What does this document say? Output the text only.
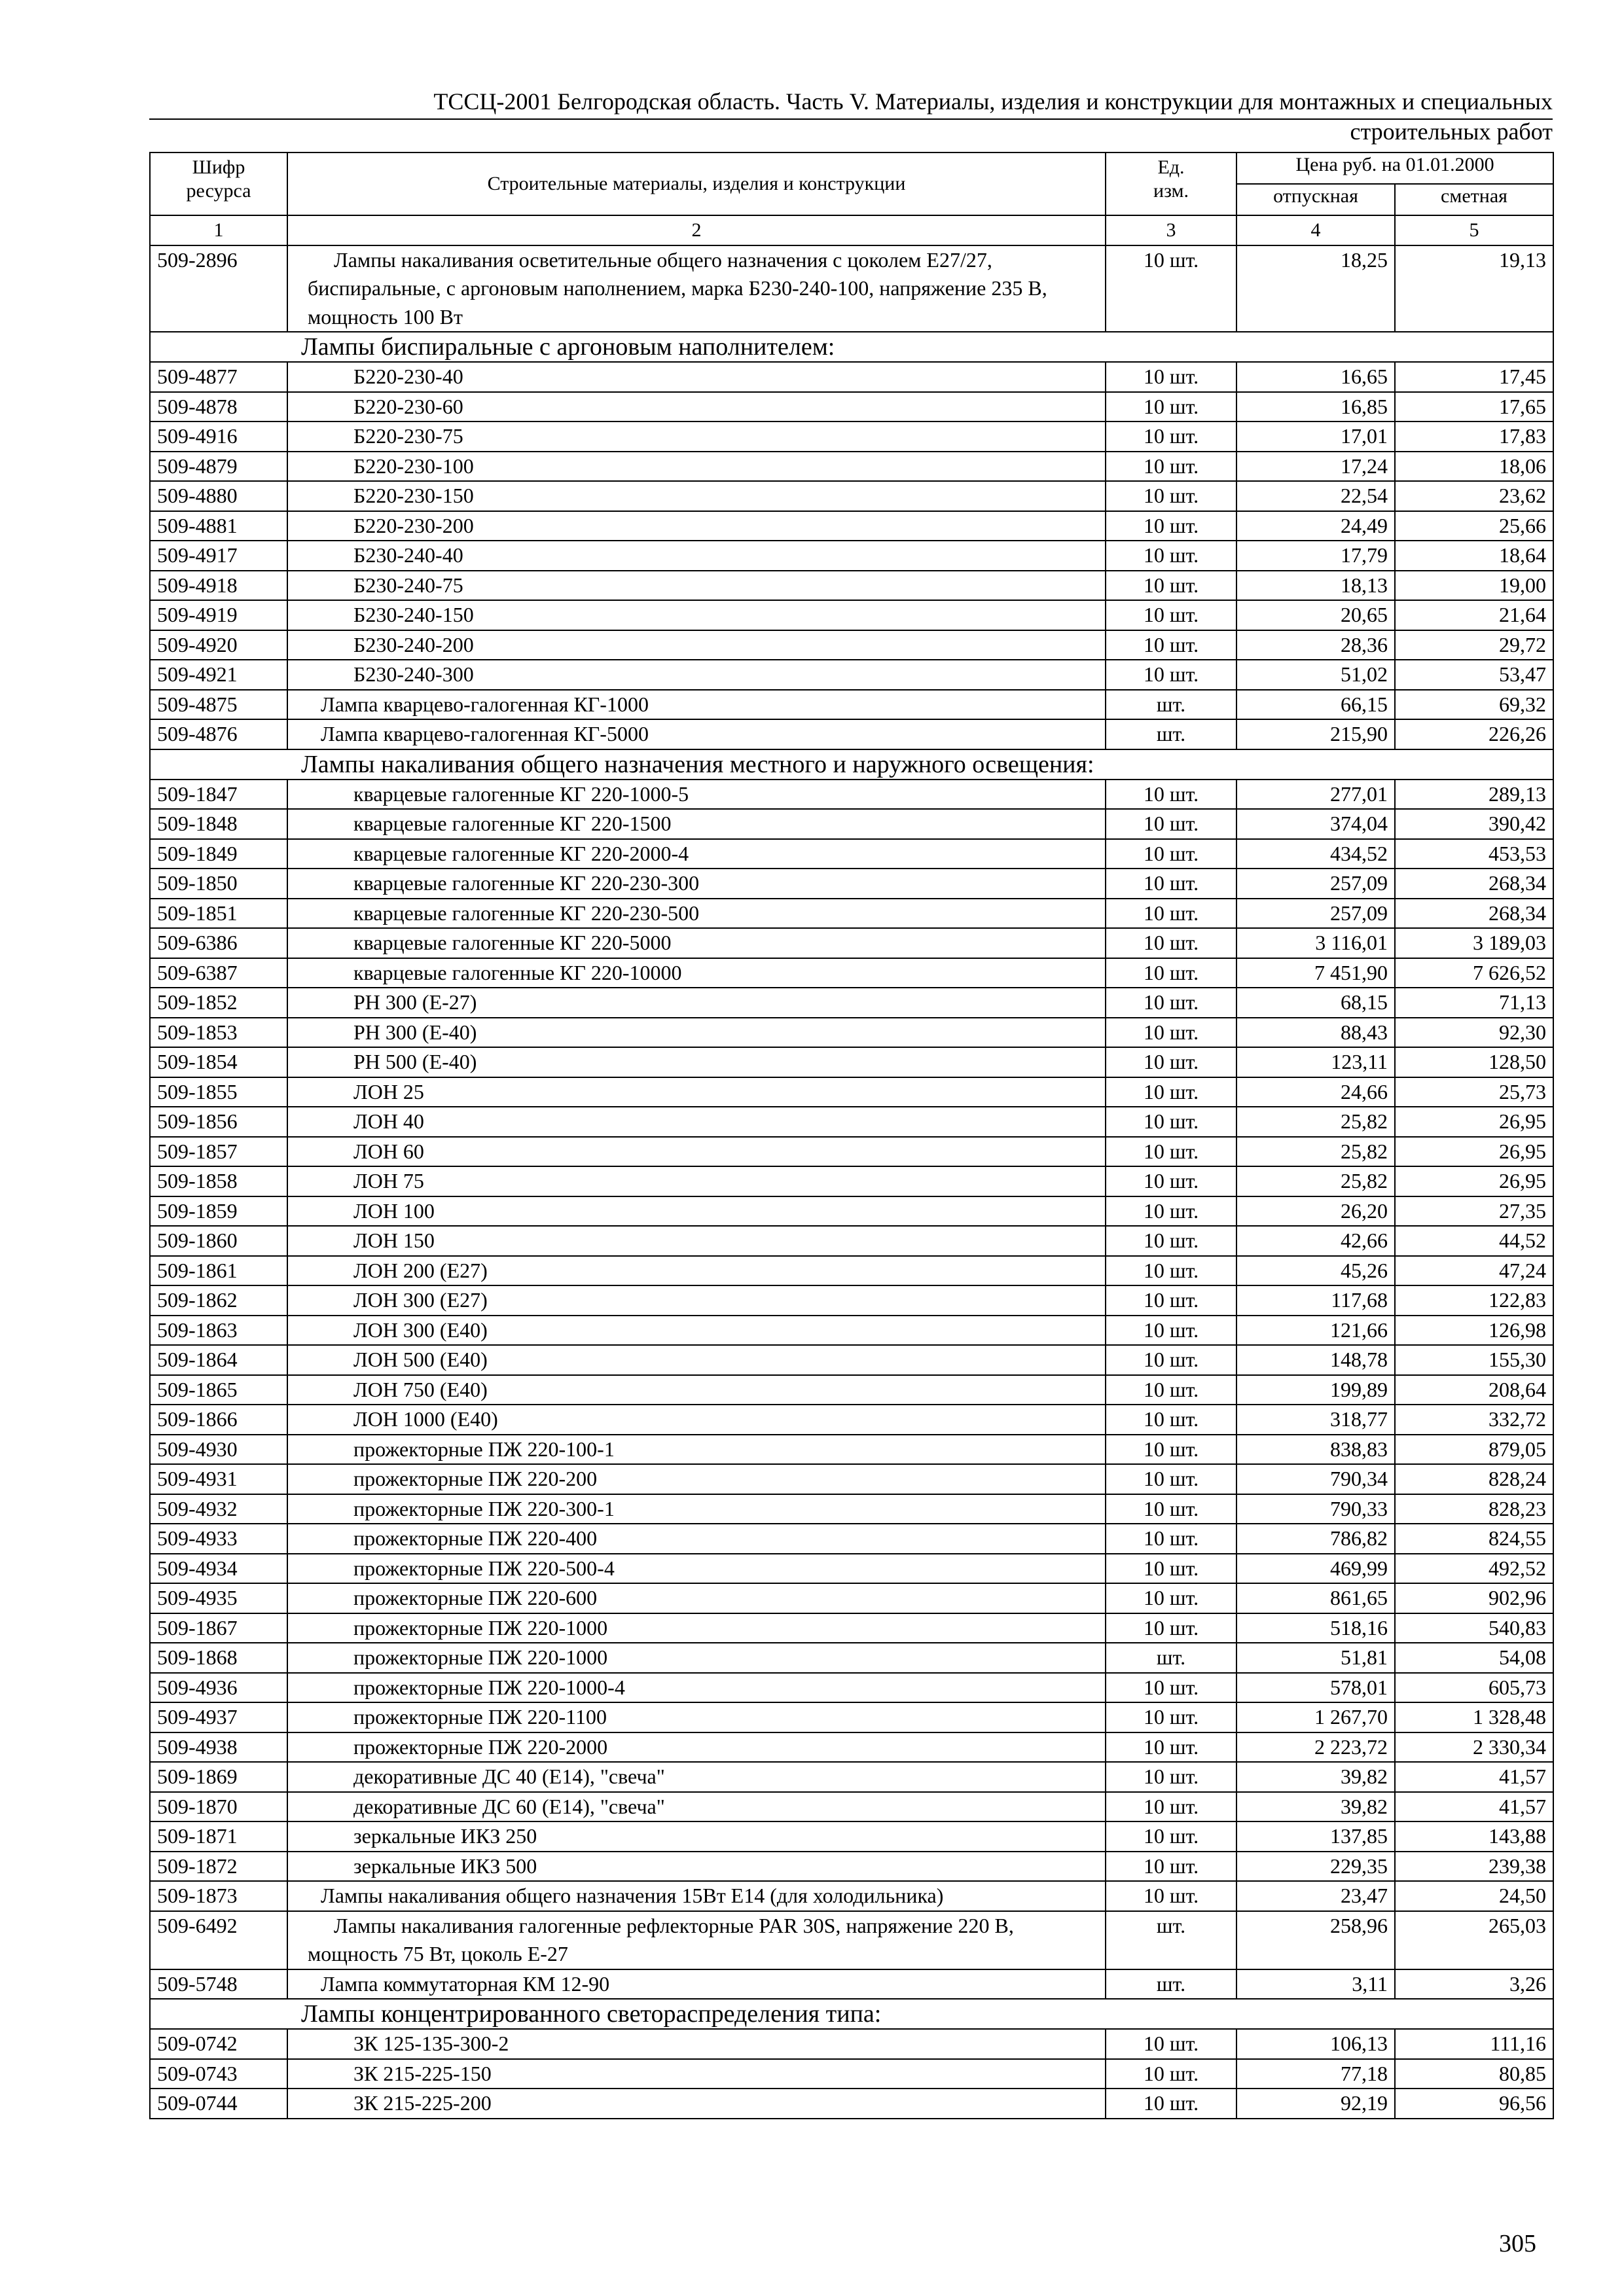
ТССЦ-2001 Белгородская область. Часть V. Материалы, изделия и конструкции для монтажных и специальных
строительных работ
Шифр ресурса	Строительные материалы, изделия и конструкции	Ед. изм.	Цена руб. на 01.01.2000	
			отпускная	сметная
1	2	3	4	5
509-2896	Лампы накаливания осветительные общего назначения с цоколем Е27/27, биспиральные, с аргоновым наполнением, марка Б230-240-100, напряжение 235 В, мощность 100 Вт	10 шт.	18,25	19,13
Лампы биспиральные с аргоновым наполнителем:				
509-4877	Б220-230-40	10 шт.	16,65	17,45
509-4878	Б220-230-60	10 шт.	16,85	17,65
509-4916	Б220-230-75	10 шт.	17,01	17,83
509-4879	Б220-230-100	10 шт.	17,24	18,06
509-4880	Б220-230-150	10 шт.	22,54	23,62
509-4881	Б220-230-200	10 шт.	24,49	25,66
509-4917	Б230-240-40	10 шт.	17,79	18,64
509-4918	Б230-240-75	10 шт.	18,13	19,00
509-4919	Б230-240-150	10 шт.	20,65	21,64
509-4920	Б230-240-200	10 шт.	28,36	29,72
509-4921	Б230-240-300	10 шт.	51,02	53,47
509-4875	Лампа кварцево-галогенная КГ-1000	шт.	66,15	69,32
509-4876	Лампа кварцево-галогенная КГ-5000	шт.	215,90	226,26
Лампы накаливания общего назначения местного и наружного освещения:				
509-1847	кварцевые галогенные КГ 220-1000-5	10 шт.	277,01	289,13
509-1848	кварцевые галогенные КГ 220-1500	10 шт.	374,04	390,42
509-1849	кварцевые галогенные КГ 220-2000-4	10 шт.	434,52	453,53
509-1850	кварцевые галогенные КГ 220-230-300	10 шт.	257,09	268,34
509-1851	кварцевые галогенные КГ 220-230-500	10 шт.	257,09	268,34
509-6386	кварцевые галогенные КГ 220-5000	10 шт.	3 116,01	3 189,03
509-6387	кварцевые галогенные КГ 220-10000	10 шт.	7 451,90	7 626,52
509-1852	РН 300 (Е-27)	10 шт.	68,15	71,13
509-1853	РН 300 (Е-40)	10 шт.	88,43	92,30
509-1854	РН 500 (Е-40)	10 шт.	123,11	128,50
509-1855	ЛОН 25	10 шт.	24,66	25,73
509-1856	ЛОН 40	10 шт.	25,82	26,95
509-1857	ЛОН 60	10 шт.	25,82	26,95
509-1858	ЛОН 75	10 шт.	25,82	26,95
509-1859	ЛОН 100	10 шт.	26,20	27,35
509-1860	ЛОН 150	10 шт.	42,66	44,52
509-1861	ЛОН 200 (Е27)	10 шт.	45,26	47,24
509-1862	ЛОН 300 (Е27)	10 шт.	117,68	122,83
509-1863	ЛОН 300 (Е40)	10 шт.	121,66	126,98
509-1864	ЛОН 500 (Е40)	10 шт.	148,78	155,30
509-1865	ЛОН 750 (Е40)	10 шт.	199,89	208,64
509-1866	ЛОН 1000 (Е40)	10 шт.	318,77	332,72
509-4930	прожекторные ПЖ 220-100-1	10 шт.	838,83	879,05
509-4931	прожекторные ПЖ 220-200	10 шт.	790,34	828,24
509-4932	прожекторные ПЖ 220-300-1	10 шт.	790,33	828,23
509-4933	прожекторные ПЖ 220-400	10 шт.	786,82	824,55
509-4934	прожекторные ПЖ 220-500-4	10 шт.	469,99	492,52
509-4935	прожекторные ПЖ 220-600	10 шт.	861,65	902,96
509-1867	прожекторные ПЖ 220-1000	10 шт.	518,16	540,83
509-1868	прожекторные ПЖ 220-1000	шт.	51,81	54,08
509-4936	прожекторные ПЖ 220-1000-4	10 шт.	578,01	605,73
509-4937	прожекторные ПЖ 220-1100	10 шт.	1 267,70	1 328,48
509-4938	прожекторные ПЖ 220-2000	10 шт.	2 223,72	2 330,34
509-1869	декоративные ДС 40 (Е14), "свеча"	10 шт.	39,82	41,57
509-1870	декоративные ДС 60 (Е14), "свеча"	10 шт.	39,82	41,57
509-1871	зеркальные ИКЗ 250	10 шт.	137,85	143,88
509-1872	зеркальные ИКЗ 500	10 шт.	229,35	239,38
509-1873	Лампы накаливания общего назначения 15Вт Е14 (для холодильника)	10 шт.	23,47	24,50
509-6492	Лампы накаливания галогенные рефлекторные PAR 30S, напряжение 220 В, мощность 75 Вт, цоколь Е-27	шт.	258,96	265,03
509-5748	Лампа коммутаторная КМ 12-90	шт.	3,11	3,26
Лампы концентрированного светораспределения типа:				
509-0742	ЗК 125-135-300-2	10 шт.	106,13	111,16
509-0743	ЗК 215-225-150	10 шт.	77,18	80,85
509-0744	ЗК 215-225-200	10 шт.	92,19	96,56
305
